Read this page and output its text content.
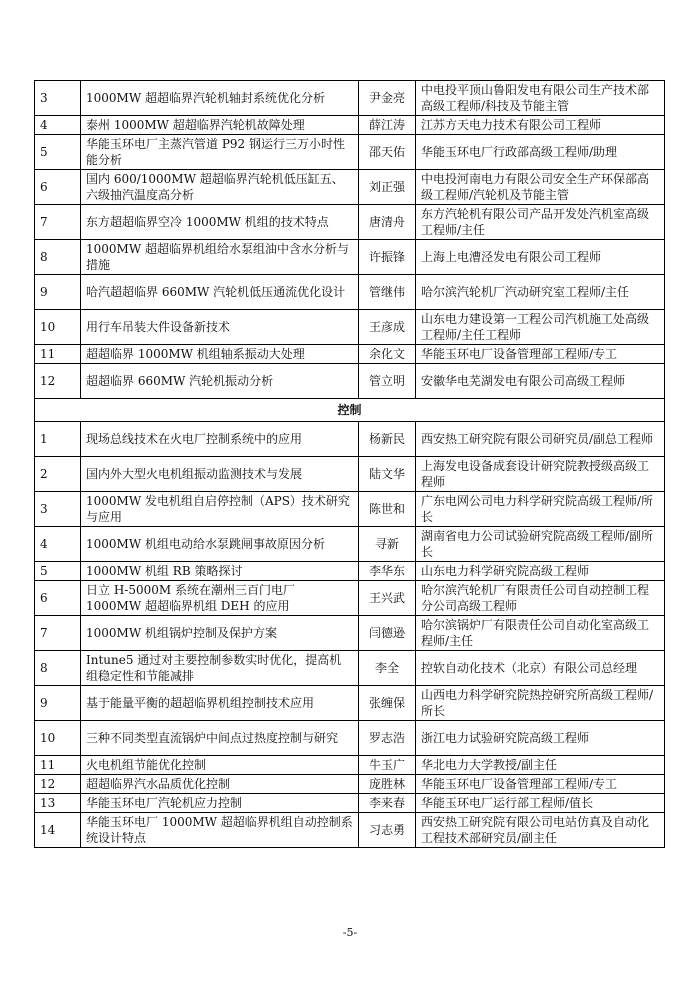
3	1000MW 超超临界汽轮机轴封系统优化分析	尹金亮	中电投平顶山鲁阳发电有限公司生产技术部高级工程师/科技及节能主管
4	泰州 1000MW 超超临界汽轮机故障处理	薛江涛	江苏方天电力技术有限公司工程师
5	华能玉环电厂主蒸汽管道 P92 钢运行三万小时性能分析	邵天佑	华能玉环电厂行政部高级工程师/助理
6	国内 600/1000MW 超超临界汽轮机低压缸五、六级抽汽温度高分析	刘正强	中电投河南电力有限公司安全生产环保部高级工程师/汽轮机及节能主管
7	东方超超临界空冷 1000MW 机组的技术特点	唐清舟	东方汽轮机有限公司产品开发处汽机室高级工程师/主任
8	1000MW 超超临界机组给水泵组油中含水分析与措施	许振锋	上海上电漕泾发电有限公司工程师
9	哈汽超超临界 660MW 汽轮机低压通流优化设计	管继伟	哈尔滨汽轮机厂汽动研究室工程师/主任
10	用行车吊装大件设备新技术	王彦成	山东电力建设第一工程公司汽机施工处高级工程师/主任工程师
11	超超临界 1000MW 机组轴系振动大处理	余化文	华能玉环电厂设备管理部工程师/专工
12	超超临界 660MW 汽轮机振动分析	管立明	安徽华电芜湖发电有限公司高级工程师
控制			
1	现场总线技术在火电厂控制系统中的应用	杨新民	西安热工研究院有限公司研究员/副总工程师
2	国内外大型火电机组振动监测技术与发展	陆文华	上海发电设备成套设计研究院教授级高级工程师
3	1000MW 发电机组自启停控制（APS）技术研究与应用	陈世和	广东电网公司电力科学研究院高级工程师/所长
4	1000MW 机组电动给水泵跳闸事故原因分析	寻新	湖南省电力公司试验研究院高级工程师/副所长
5	1000MW 机组 RB 策略探讨	李华东	山东电力科学研究院高级工程师
6	日立 H-5000M 系统在潮州三百门电厂 1000MW 超超临界机组 DEH 的应用	王兴武	哈尔滨汽轮机厂有限责任公司自动控制工程分公司高级工程师
7	1000MW 机组锅炉控制及保护方案	闫德逊	哈尔滨锅炉厂有限责任公司自动化室高级工程师/主任
8	Intune5 通过对主要控制参数实时优化，提高机组稳定性和节能减排	李全	控软自动化技术（北京）有限公司总经理
9	基于能量平衡的超超临界机组控制技术应用	张缠保	山西电力科学研究院热控研究所高级工程师/所长
10	三种不同类型直流锅炉中间点过热度控制与研究	罗志浩	浙江电力试验研究院高级工程师
11	火电机组节能优化控制	牛玉广	华北电力大学教授/副主任
12	超超临界汽水品质优化控制	庞胜林	华能玉环电厂设备管理部工程师/专工
13	华能玉环电厂汽轮机应力控制	李来春	华能玉环电厂运行部工程师/值长
14	华能玉环电厂 1000MW 超超临界机组自动控制系统设计特点	习志勇	西安热工研究院有限公司电站仿真及自动化工程技术部研究员/副主任
-5-
